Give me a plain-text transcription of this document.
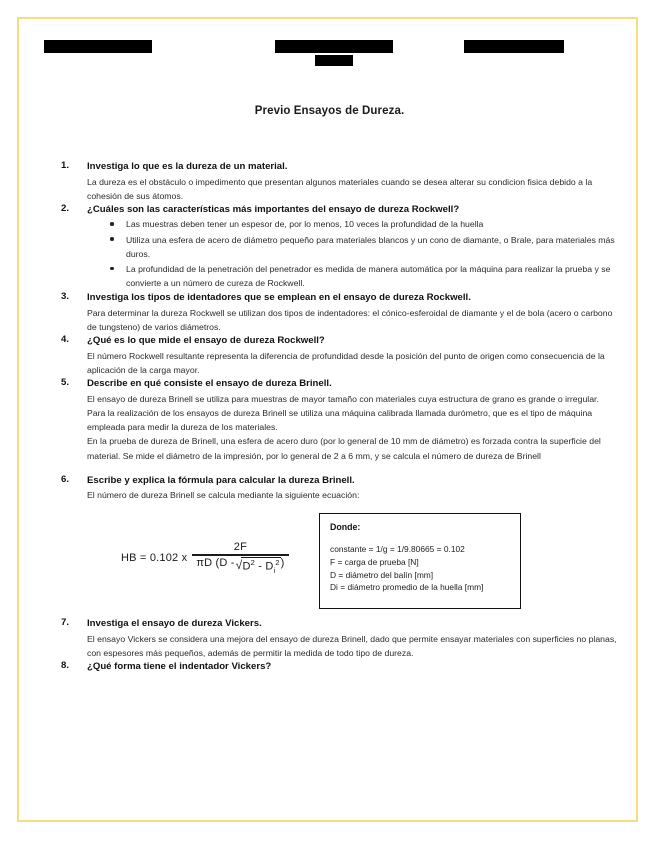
Previo Ensayos de Dureza.
1.	Investiga lo que es la dureza de un material.

La dureza es el obstáculo o impedimento que presentan algunos materiales cuando se desea alterar su condicion fisica debido a la cohesión de sus átomos.

2.	¿Cuáles son las características más importantes del ensayo de dureza Rockwell?

Las muestras deben tener un espesor de, por lo menos, 10 veces la profundidad de la huella
Utiliza una esfera de acero de diámetro pequeño para materiales blancos y un cono de diamante, o Brale, para materiales más duros.
La profundidad de la penetración del penetrador es medida de manera automática por la máquina para realizar la prueba y se convierte a un número de cureza de Rockwell.
3.	Investiga los tipos de identadores que se emplean en el ensayo de dureza Rockwell.

Para determinar la dureza Rockwell se utilizan dos tipos de indentadores: el cónico-esferoidal de diamante y el de bola (acero o carbono de tungsteno) de varios diámetros.

4.	¿Qué es lo que mide el ensayo de dureza Rockwell?

El número Rockwell resultante representa la diferencia de profundidad desde la posición del punto de origen como consecuencia de la aplicación de la carga mayor.

5.	Describe en qué consiste el ensayo de dureza Brinell.

El ensayo de dureza Brinell se utiliza para muestras de mayor tamaño con materiales cuya estructura de grano es grande o irregular.

Para la realización de los ensayos de dureza Brinell se utiliza una máquina calibrada llamada durómetro, que es el tipo de máquina empleada para medir la dureza de los materiales.

En la prueba de dureza de Brinell, una esfera de acero duro (por lo general de 10 mm de diámetro) es forzada contra la superficie del material. Se mide el diámetro de la impresión, por lo general de 2 a 6 mm, y se calcula el número de dureza de Brinell

6.	Escribe y explica la fórmula para calcular la dureza Brinell.

El número de dureza Brinell se calcula mediante la siguiente ecuación:

HB = 0.102 x
2F
πD (D - √ $D^2 - D_i^2$ )
Donde:
constante = 1/g = 1/9.80665 = 0.102
F = carga de prueba [N]
D = diámetro del balín [mm]
Di = diámetro promedio de la huella [mm]
7.	Investiga el ensayo de dureza Vickers.

El ensayo Vickers se considera una mejora del ensayo de dureza Brinell, dado que permite ensayar materiales con superficies no planas, con espesores más pequeños, además de permitir la medida de todo tipo de dureza.

8.	¿Qué forma tiene el indentador Vickers?
